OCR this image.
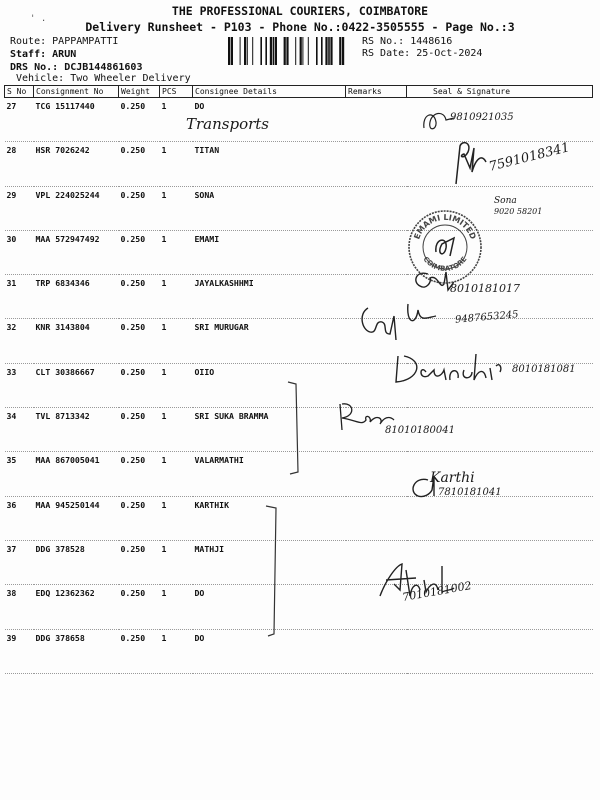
THE PROFESSIONAL COURIERS, COIMBATORE
Delivery Runsheet - P103 - Phone No.:0422-3505555 - Page No.:3
' .
Route: PAPPAMPATTI
Staff: ARUN
DRS No.: DCJB144861603
Vehicle: Two Wheeler Delivery
RS No.: 1448616
RS Date: 25-Oct-2024
S No	Consignment No	Weight	PCS	Consignee Details	Remarks	Seal & Signature
27	TCG 15117440	0.250	1	DO		
28	HSR 7026242	0.250	1	TITAN		
29	VPL 224025244	0.250	1	SONA		
30	MAA 572947492	0.250	1	EMAMI		
31	TRP 6834346	0.250	1	JAYALKASHHMI		
32	KNR 3143804	0.250	1	SRI MURUGAR		
33	CLT 30386667	0.250	1	OIIO		
34	TVL 8713342	0.250	1	SRI SUKA BRAMMA		
35	MAA 867005041	0.250	1	VALARMATHI		
36	MAA 945250144	0.250	1	KARTHIK		
37	DDG 378528	0.250	1	MATHJI		
38	EDQ 12362362	0.250	1	DO		
39	DDG 378658	0.250	1	DO		
Transports	9810921035
7591018341
Sona
9020 58201
8010181017
9487653245
8010181081
81010180041
Karthi
7810181041
7010181002
EMAMI LIMITED
COIMBATORE
